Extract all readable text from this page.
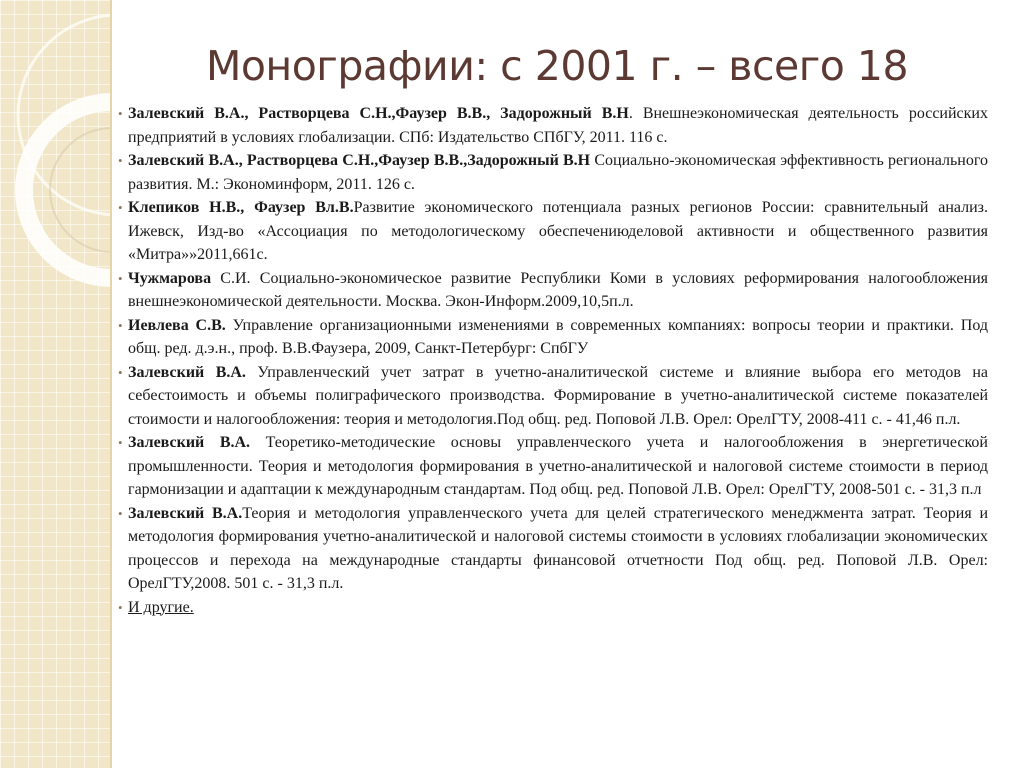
Монографии: с 2001 г. – всего 18
• Залевский В.А., Растворцева С.Н.,Фаузер В.В., Задорожный В.Н. Внешнеэкономическая деятельность российских предприятий в условиях глобализации. СПб: Издательство СПбГУ, 2011. 116 с.
• Залевский В.А., Растворцева С.Н.,Фаузер В.В.,Задорожный В.Н Социально-экономическая эффективность регионального развития. М.: Экономинформ, 2011. 126 с.
• Клепиков Н.В., Фаузер Вл.В.Развитие экономического потенциала разных регионов России: сравнительный анализ. Ижевск, Изд-во «Ассоциация по методологическому обеспечениюделовой активности и общественного развития «Митра»»2011,661с.
• Чужмарова С.И. Социально-экономическое развитие Республики Коми в условиях реформирования налогообложения внешнеэкономической деятельности. Москва. Экон-Информ.2009,10,5п.л.
• Иевлева С.В. Управление организационными изменениями в современных компаниях: вопросы теории и практики. Под общ. ред. д.э.н., проф. В.В.Фаузера, 2009, Санкт-Петербург: СпбГУ
• Залевский В.А. Управленческий учет затрат в учетно-аналитической системе и влияние выбора его методов на себестоимость и объемы полиграфического производства. Формирование в учетно-аналитической системе показателей стоимости и налогообложения: теория и методология.Под общ. ред. Поповой Л.В. Орел: ОрелГТУ, 2008-411 с. - 41,46 п.л.
• Залевский В.А. Теоретико-методические основы управленческого учета и налогообложения в энергетической промышленности. Теория и методология формирования в учетно-аналитической и налоговой системе стоимости в период гармонизации и адаптации к международным стандартам. Под общ. ред. Поповой Л.В. Орел: ОрелГТУ, 2008-501 с. - 31,3 п.л
• Залевский В.А.Теория и методология управленческого учета для целей стратегического менеджмента затрат. Теория и методология формирования учетно-аналитической и налоговой системы стоимости в условиях глобализации экономических процессов и перехода на международные стандарты финансовой отчетности Под общ. ред. Поповой Л.В. Орел: ОрелГТУ,2008. 501 с. - 31,3 п.л.
• И другие.
